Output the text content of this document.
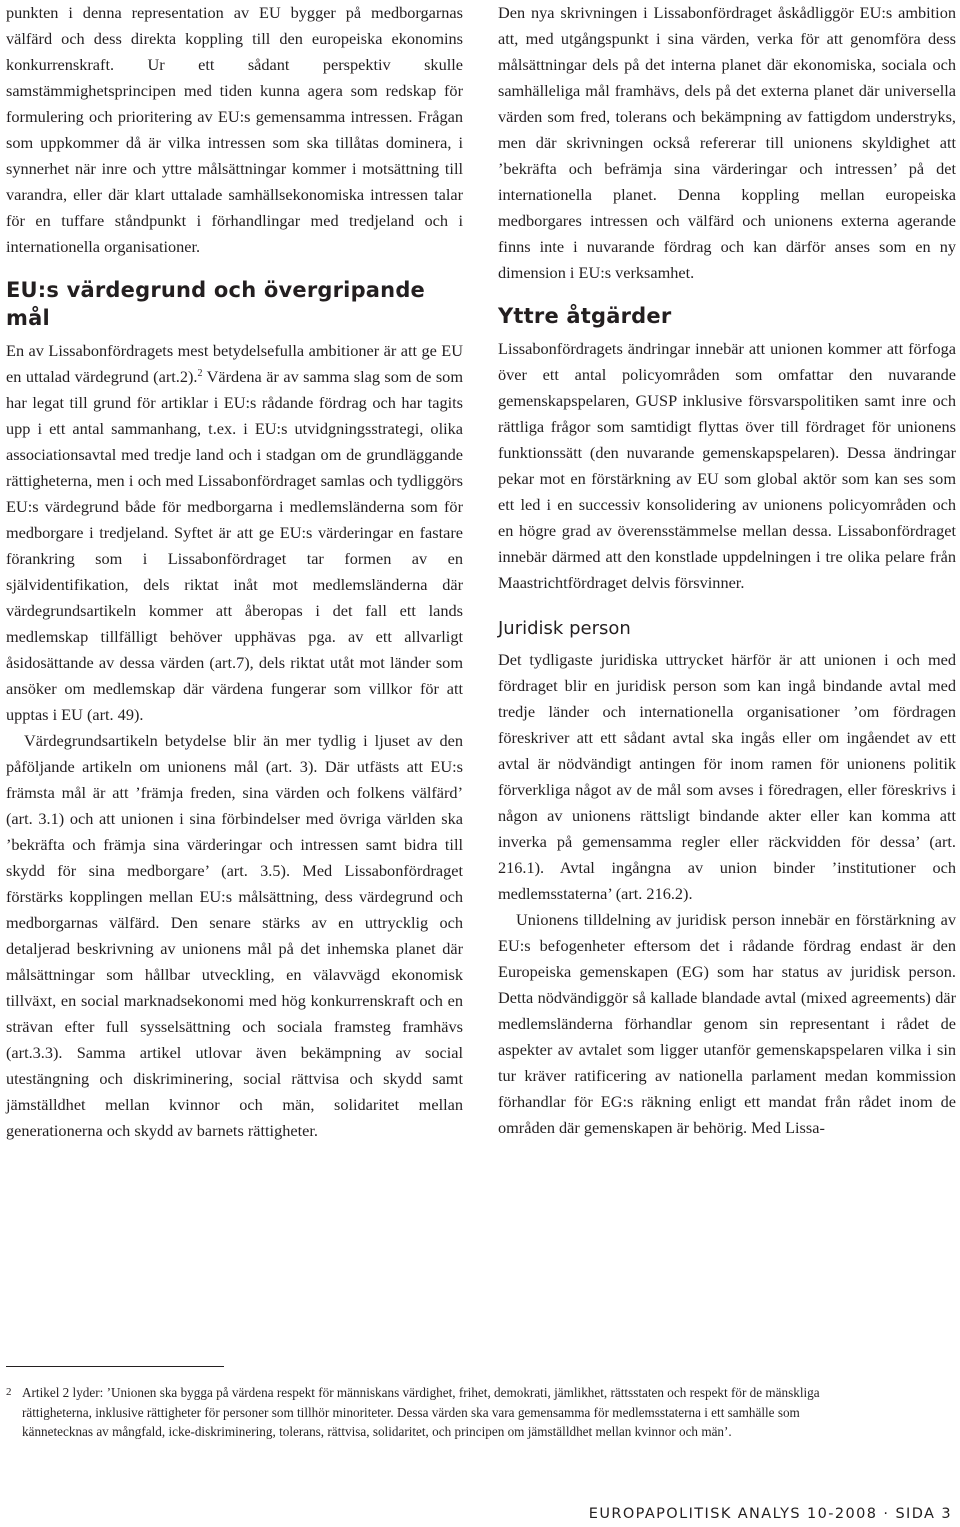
punkten i denna representation av EU bygger på medborgarnas välfärd och dess direkta koppling till den europeiska ekonomins konkurrenskraft. Ur ett sådant perspektiv skulle samstämmighetsprincipen med tiden kunna agera som redskap för formulering och prioritering av EU:s gemensamma intressen. Frågan som uppkommer då är vilka intressen som ska tillåtas dominera, i synnerhet när inre och yttre målsättningar kommer i motsättning till varandra, eller där klart uttalade samhällsekonomiska intressen talar för en tuffare ståndpunkt i förhandlingar med tredjeland och i internationella organisationer.

EU:s värdegrund och övergripande mål

En av Lissabonfördragets mest betydelsefulla ambitioner är att ge EU en uttalad värdegrund (art.2).$^2$ Värdena är av samma slag som de som har legat till grund för artiklar i EU:s rådande fördrag och har tagits upp i ett antal sammanhang, t.ex. i EU:s utvidgningsstrategi, olika associationsavtal med tredje land och i stadgan om de grundläggande rättigheterna, men i och med Lissabonfördraget samlas och tydliggörs EU:s värdegrund både för medborgarna i medlemsländerna som för medborgare i tredjeland. Syftet är att ge EU:s värderingar en fastare förankring som i Lissabonfördraget tar formen av en självidentifikation, dels riktat inåt mot medlemsländerna där värdegrundsartikeln kommer att åberopas i det fall ett lands medlemskap tillfälligt behöver upphävas pga. av ett allvarligt åsidosättande av dessa värden (art.7), dels riktat utåt mot länder som ansöker om medlemskap där värdena fungerar som villkor för att upptas i EU (art. 49).

Värdegrundsartikeln betydelse blir än mer tydlig i ljuset av den påföljande artikeln om unionens mål (art. 3). Där utfästs att EU:s främsta mål är att ’främja freden, sina värden och folkens välfärd’ (art. 3.1) och att unionen i sina förbindelser med övriga världen ska ’bekräfta och främja sina värderingar och intressen samt bidra till skydd för sina medborgare’ (art. 3.5). Med Lissabonfördraget förstärks kopplingen mellan EU:s målsättning, dess värdegrund och medborgarnas välfärd. Den senare stärks av en uttrycklig och detaljerad beskrivning av unionens mål på det inhemska planet där målsättningar som hållbar utveckling, en välavvägd ekonomisk tillväxt, en social marknadsekonomi med hög konkurrenskraft och en strävan efter full sysselsättning och sociala framsteg framhävs (art.3.3). Samma artikel utlovar även bekämpning av social utestängning och diskriminering, social rättvisa och skydd samt jämställdhet mellan kvinnor och män, solidaritet mellan generationerna och skydd av barnets rättigheter.

Den nya skrivningen i Lissabonfördraget åskådliggör EU:s ambition att, med utgångspunkt i sina värden, verka för att genomföra dess målsättningar dels på det interna planet där ekonomiska, sociala och samhälleliga mål framhävs, dels på det externa planet där universella värden som fred, tolerans och bekämpning av fattigdom understryks, men där skrivningen också refererar till unionens skyldighet att ’bekräfta och befrämja sina värderingar och intressen’ på det internationella planet. Denna koppling mellan europeiska medborgares intressen och välfärd och unionens externa agerande finns inte i nuvarande fördrag och kan därför anses som en ny dimension i EU:s verksamhet.

Yttre åtgärder

Lissabonfördragets ändringar innebär att unionen kommer att förfoga över ett antal policyområden som omfattar den nuvarande gemenskapspelaren, GUSP inklusive försvarspolitiken samt inre och rättliga frågor som samtidigt flyttas över till fördraget för unionens funktionssätt (den nuvarande gemenskapspelaren). Dessa ändringar pekar mot en förstärkning av EU som global aktör som kan ses som ett led i en successiv konsolidering av unionens policyområden och en högre grad av överensstämmelse mellan dessa. Lissabonfördraget innebär därmed att den konstlade uppdelningen i tre olika pelare från Maastrichtfördraget delvis försvinner.

Juridisk person

Det tydligaste juridiska uttrycket härför är att unionen i och med fördraget blir en juridisk person som kan ingå bindande avtal med tredje länder och internationella organisationer ’om fördragen föreskriver att ett sådant avtal ska ingås eller om ingåendet av ett avtal är nödvändigt antingen för inom ramen för unionens politik förverkliga något av de mål som avses i föredragen, eller föreskrivs i någon av unionens rättsligt bindande akter eller kan komma att inverka på gemensamma regler eller räckvidden för dessa’ (art. 216.1). Avtal ingångna av union binder ’institutioner och medlemsstaterna’ (art. 216.2).

Unionens tilldelning av juridisk person innebär en förstärkning av EU:s befogenheter eftersom det i rådande fördrag endast är den Europeiska gemenskapen (EG) som har status av juridisk person. Detta nödvändiggör så kallade blandade avtal (mixed agreements) där medlemsländerna förhandlar genom sin representant i rådet de aspekter av avtalet som ligger utanför gemenskapspelaren vilka i sin tur kräver ratificering av nationella parlament medan kommission förhandlar för EG:s räkning enligt ett mandat från rådet inom de områden där gemenskapen är behörig. Med Lissa-

2 Artikel 2 lyder: ’Unionen ska bygga på värdena respekt för människans värdighet, frihet, demokrati, jämlikhet, rättsstaten och respekt för de mänskliga rättigheterna, inklusive rättigheter för personer som tillhör minoriteter. Dessa värden ska vara gemensamma för medlemsstaterna i ett samhälle som kännetecknas av mångfald, icke-diskriminering, tolerans, rättvisa, solidaritet, och principen om jämställdhet mellan kvinnor och män’.
EUROPAPOLITISK ANALYS 10-2008 · SIDA 3
